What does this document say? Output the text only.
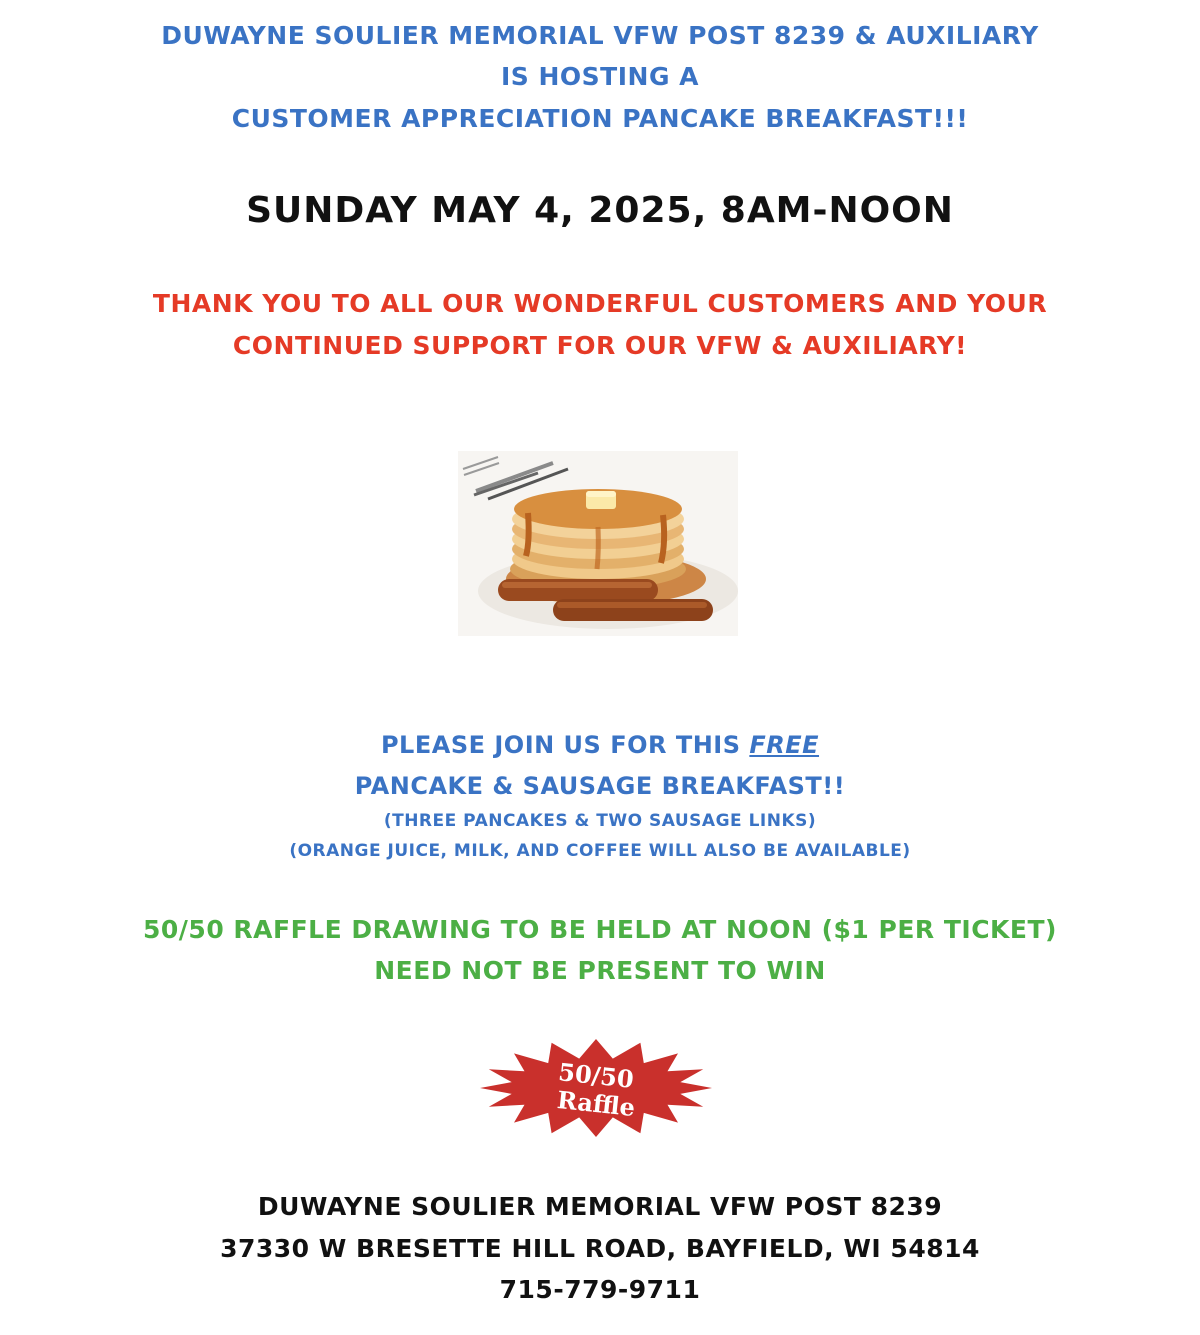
DUWAYNE SOULIER MEMORIAL VFW POST 8239 & AUXILIARY
IS HOSTING A
CUSTOMER APPRECIATION PANCAKE BREAKFAST!!!
SUNDAY MAY 4, 2025, 8AM-NOON
THANK YOU TO ALL OUR WONDERFUL CUSTOMERS AND YOUR
CONTINUED SUPPORT FOR OUR VFW & AUXILIARY!
PLEASE JOIN US FOR THIS FREE
PANCAKE & SAUSAGE BREAKFAST!!
(THREE PANCAKES & TWO SAUSAGE LINKS)
(ORANGE JUICE, MILK, AND COFFEE WILL ALSO BE AVAILABLE)
50/50 RAFFLE DRAWING TO BE HELD AT NOON ($1 PER TICKET)
NEED NOT BE PRESENT TO WIN
50/50
Raffle
DUWAYNE SOULIER MEMORIAL VFW POST 8239
37330 W BRESETTE HILL ROAD, BAYFIELD, WI 54814
715-779-9711
